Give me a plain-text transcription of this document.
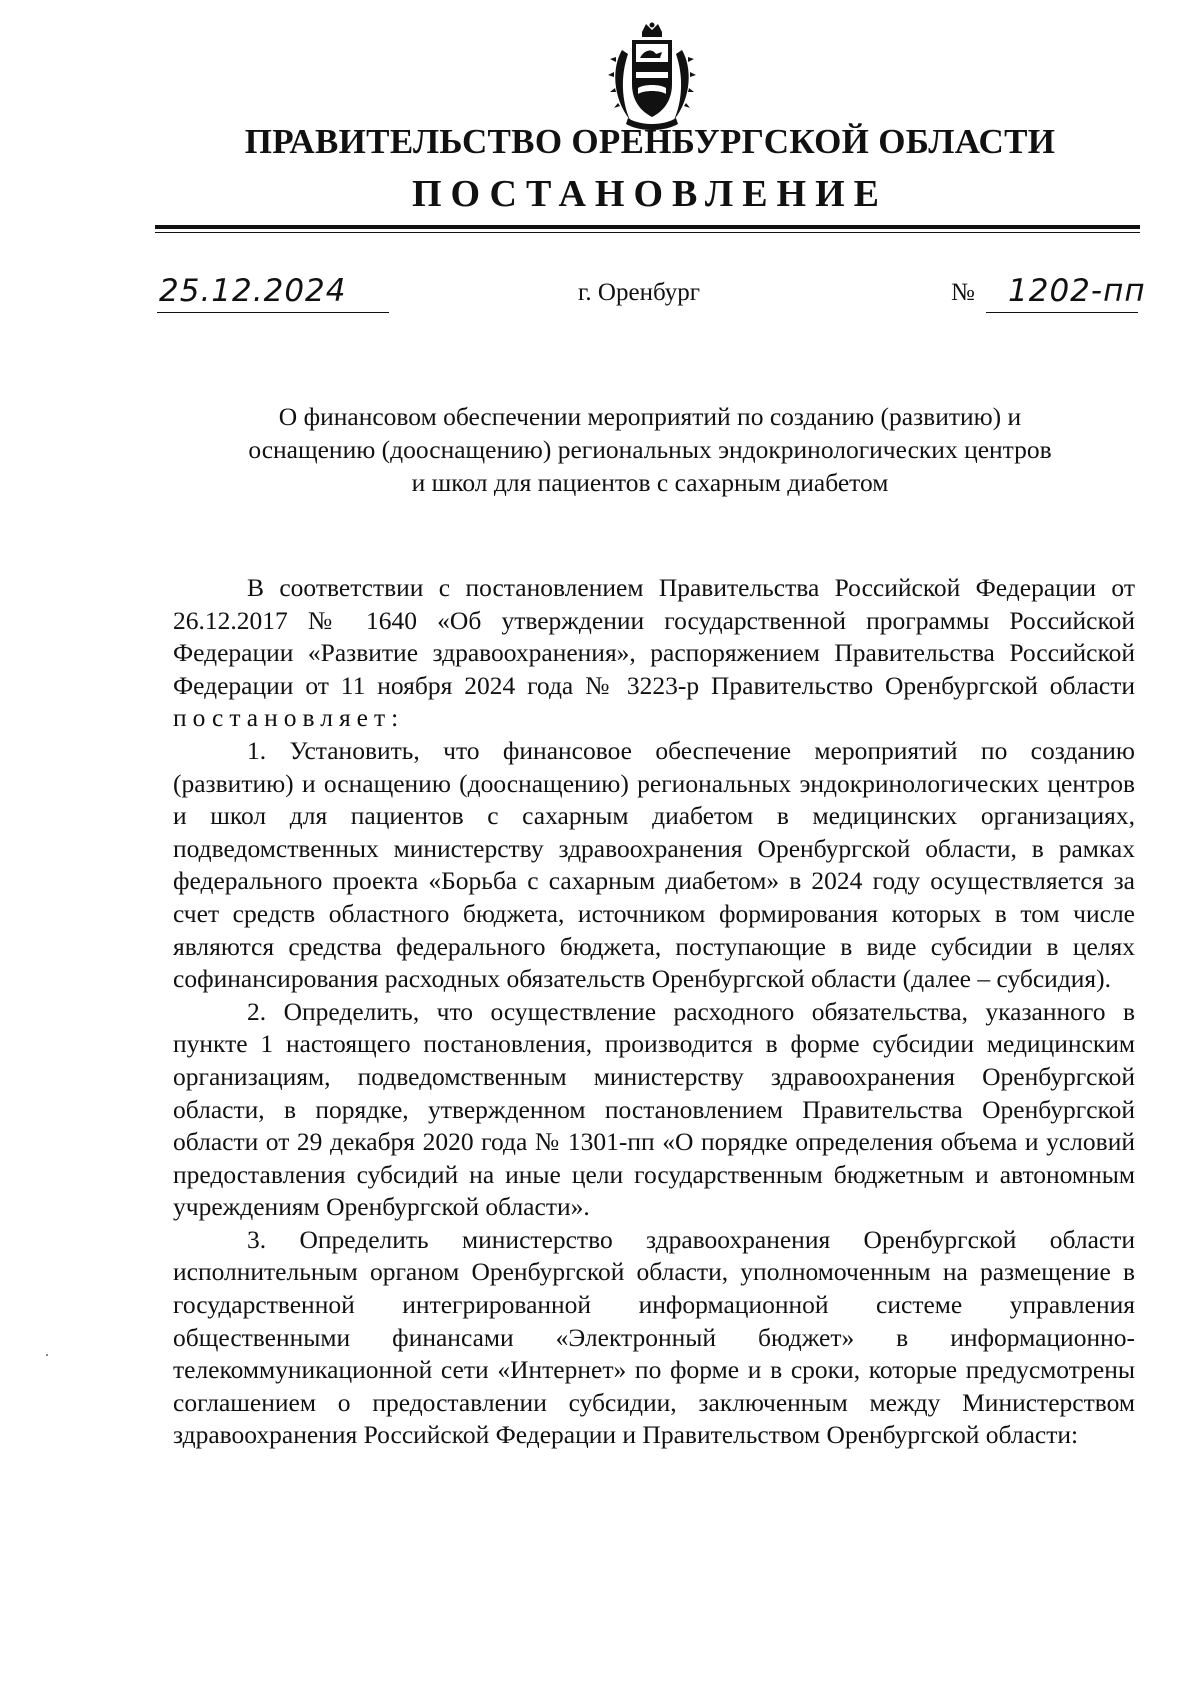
ПРАВИТЕЛЬСТВО ОРЕНБУРГСКОЙ ОБЛАСТИ
ПОСТАНОВЛЕНИЕ
25.12.2024	г. Оренбург	№ 1202-пп
О финансовом обеспечении мероприятий по созданию (развитию) и
оснащению (дооснащению) региональных эндокринологических центров
и школ для пациентов с сахарным диабетом

В соответствии с постановлением Правительства Российской Федерации от 26.12.2017 № 1640 «Об утверждении государственной программы Российской Федерации «Развитие здравоохранения», распоряжением Правительства Российской Федерации от 11 ноября 2024 года № 3223-р Правительство Оренбургской области постановляет:

1. Установить, что финансовое обеспечение мероприятий по созданию (развитию) и оснащению (дооснащению) региональных эндокринологических центров и школ для пациентов с сахарным диабетом в медицинских организациях, подведомственных министерству здравоохранения Оренбургской области, в рамках федерального проекта «Борьба с сахарным диабетом» в 2024 году осуществляется за счет средств областного бюджета, источником формирования которых в том числе являются средства федерального бюджета, поступающие в виде субсидии в целях софинансирования расходных обязательств Оренбургской области (далее – субсидия).

2. Определить, что осуществление расходного обязательства, указанного в пункте 1 настоящего постановления, производится в форме субсидии медицинским организациям, подведомственным министерству здравоохранения Оренбургской области, в порядке, утвержденном постановлением Правительства Оренбургской области от 29 декабря 2020 года № 1301-пп «О порядке определения объема и условий предоставления субсидий на иные цели государственным бюджетным и автономным учреждениям Оренбургской области».

3. Определить министерство здравоохранения Оренбургской области исполнительным органом Оренбургской области, уполномоченным на размещение в государственной интегрированной информационной системе управления общественными финансами «Электронный бюджет» в информационно-телекоммуникационной сети «Интернет» по форме и в сроки, которые предусмотрены соглашением о предоставлении субсидии, заключенным между Министерством здравоохранения Российской Федерации и Правительством Оренбургской области:
